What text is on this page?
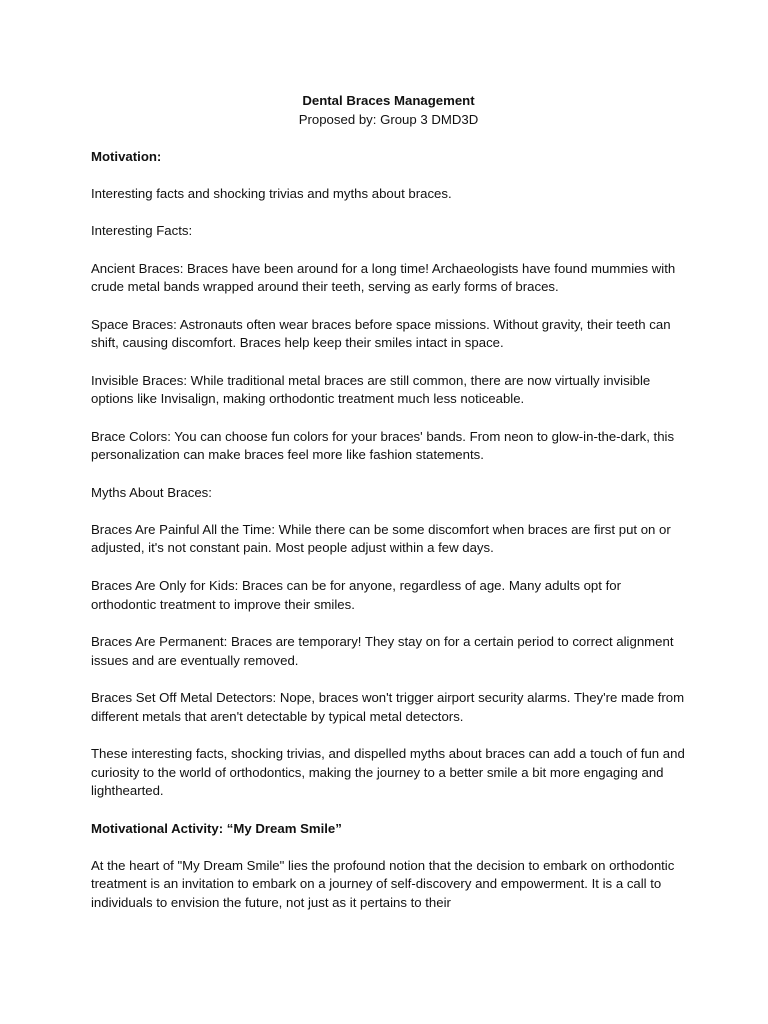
Dental Braces Management

Proposed by: Group 3 DMD3D

Motivation:

Interesting facts and shocking trivias and myths about braces.

Interesting Facts:

Ancient Braces: Braces have been around for a long time! Archaeologists have found mummies with crude metal bands wrapped around their teeth, serving as early forms of braces.

Space Braces: Astronauts often wear braces before space missions. Without gravity, their teeth can shift, causing discomfort. Braces help keep their smiles intact in space.

Invisible Braces: While traditional metal braces are still common, there are now virtually invisible options like Invisalign, making orthodontic treatment much less noticeable.

Brace Colors: You can choose fun colors for your braces' bands. From neon to glow-in-the-dark, this personalization can make braces feel more like fashion statements.

Myths About Braces:

Braces Are Painful All the Time: While there can be some discomfort when braces are first put on or adjusted, it's not constant pain. Most people adjust within a few days.

Braces Are Only for Kids: Braces can be for anyone, regardless of age. Many adults opt for orthodontic treatment to improve their smiles.

Braces Are Permanent: Braces are temporary! They stay on for a certain period to correct alignment issues and are eventually removed.

Braces Set Off Metal Detectors: Nope, braces won't trigger airport security alarms. They're made from different metals that aren't detectable by typical metal detectors.

These interesting facts, shocking trivias, and dispelled myths about braces can add a touch of fun and curiosity to the world of orthodontics, making the journey to a better smile a bit more engaging and lighthearted.

Motivational Activity: “My Dream Smile”

At the heart of "My Dream Smile" lies the profound notion that the decision to embark on orthodontic treatment is an invitation to embark on a journey of self-discovery and empowerment. It is a call to individuals to envision the future, not just as it pertains to their
